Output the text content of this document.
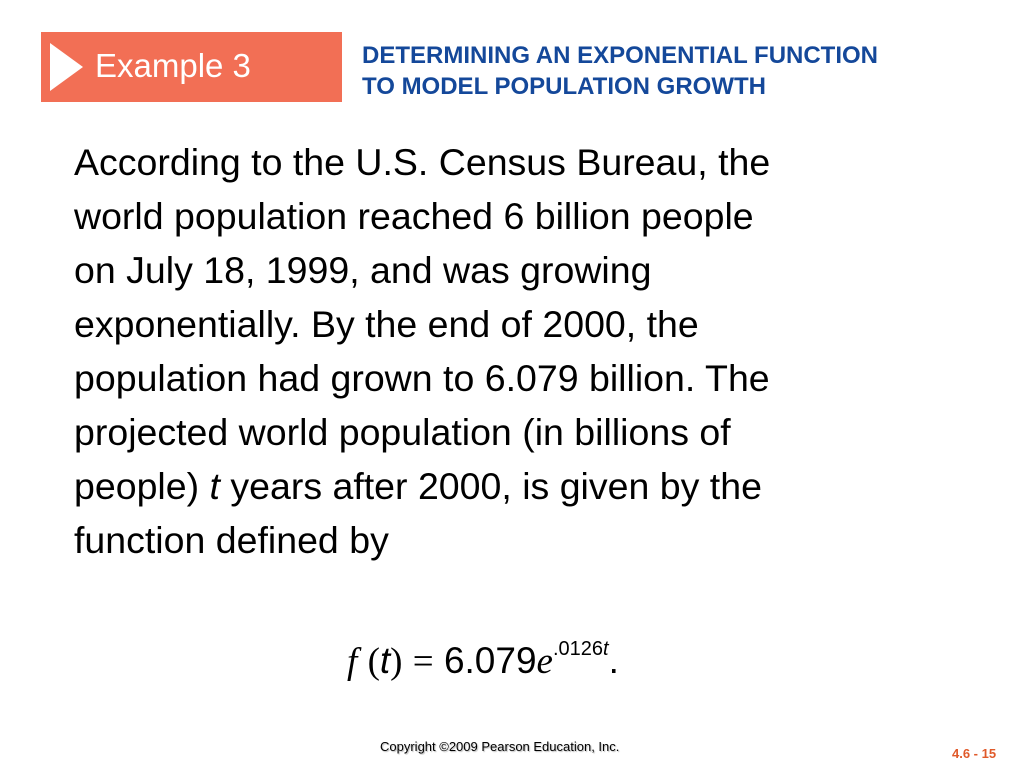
Example 3	DETERMINING AN EXPONENTIAL FUNCTION
TO MODEL POPULATION GROWTH
According to the U.S. Census Bureau, the
world population reached 6 billion people
on July 18, 1999, and was growing
exponentially. By the end of 2000, the
population had grown to 6.079 billion. The
projected world population (in billions of
people) t years after 2000, is given by the
function defined by
f $(t) = 6.079e^{.0126t}$.
Copyright ©2009 Pearson Education, Inc.	4.6 - 15
